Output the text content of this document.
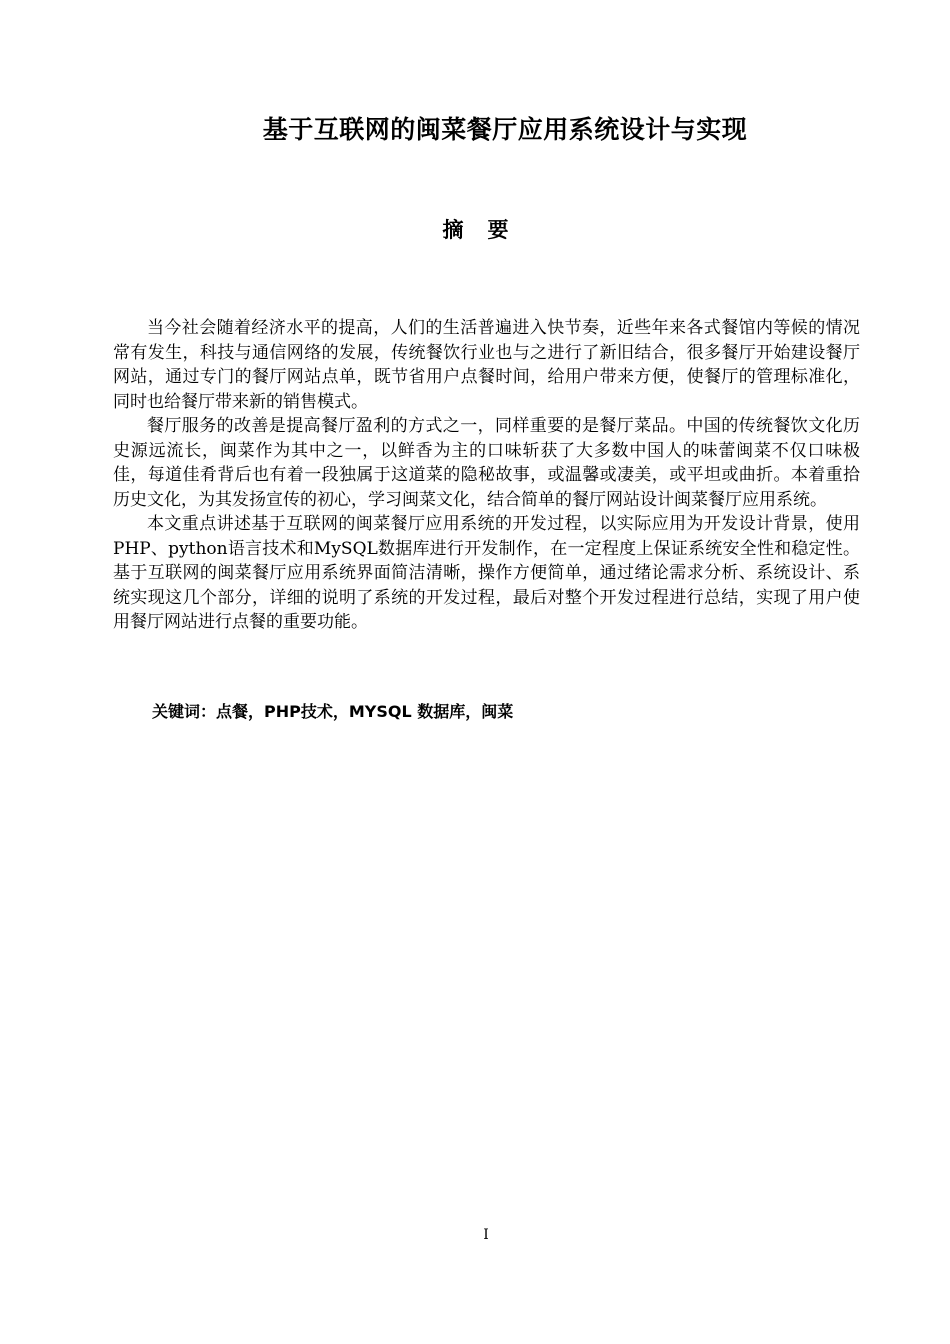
基于互联网的闽菜餐厅应用系统设计与实现
摘要

当今社会随着经济水平的提高，人们的生活普遍进入快节奏，近些年来各式餐馆内等候的情况常有发生，科技与通信网络的发展，传统餐饮行业也与之进行了新旧结合，很多餐厅开始建设餐厅网站，通过专门的餐厅网站点单，既节省用户点餐时间，给用户带来方便，使餐厅的管理标准化，同时也给餐厅带来新的销售模式。

餐厅服务的改善是提高餐厅盈利的方式之一，同样重要的是餐厅菜品。中国的传统餐饮文化历史源远流长，闽菜作为其中之一，以鲜香为主的口味斩获了大多数中国人的味蕾闽菜不仅口味极佳，每道佳肴背后也有着一段独属于这道菜的隐秘故事，或温馨或凄美，或平坦或曲折。本着重拾历史文化，为其发扬宣传的初心，学习闽菜文化，结合简单的餐厅网站设计闽菜餐厅应用系统。

本文重点讲述基于互联网的闽菜餐厅应用系统的开发过程，以实际应用为开发设计背景，使用PHP、python语言技术和MySQL数据库进行开发制作，在一定程度上保证系统安全性和稳定性。基于互联网的闽菜餐厅应用系统界面简洁清晰，操作方便简单，通过绪论需求分析、系统设计、系统实现这几个部分，详细的说明了系统的开发过程，最后对整个开发过程进行总结，实现了用户使用餐厅网站进行点餐的重要功能。

关键词：点餐，PHP技术，MYSQL 数据库，闽菜
I
